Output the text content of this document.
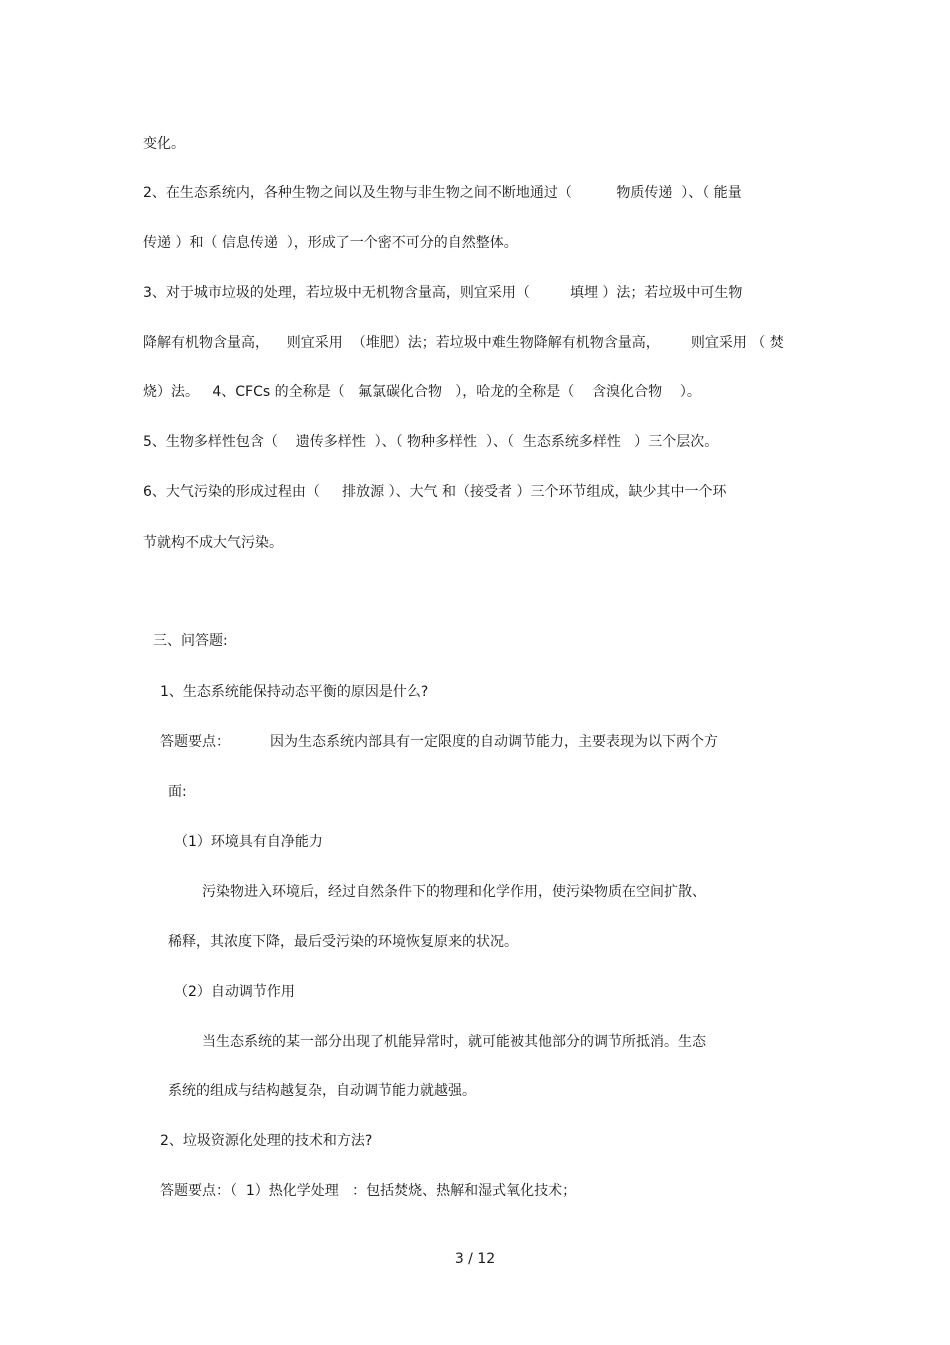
变化。
2、在生态系统内，各种生物之间以及生物与非生物之间不断地通过（          物质传递  ）、（ 能量
传递 ）和（ 信息传递  ），形成了一个密不可分的自然整体。
3、对于城市垃圾的处理，若垃圾中无机物含量高，则宜采用（         填埋 ）法；若垃圾中可生物
降解有机物含量高，    则宜采用  （堆肥）法；若垃圾中难生物降解有机物含量高，       则宜采用 （ 焚
烧）法。   4、CFCs 的全称是（   氟氯碳化合物   ），哈龙的全称是（    含溴化合物    ）。
5、生物多样性包含（    遗传多样性  ）、（ 物种多样性  ）、（  生态系统多样性   ）三个层次。
6、大气污染的形成过程由（     排放源 ）、大气 和（接受者 ）三个环节组成，缺少其中一个环
节就构不成大气污染。
三、问答题:
1、生态系统能保持动态平衡的原因是什么?
答题要点：         因为生态系统内部具有一定限度的自动调节能力，主要表现为以下两个方
面:
（1）环境具有自净能力
污染物进入环境后，经过自然条件下的物理和化学作用，使污染物质在空间扩散、
稀释，其浓度下降，最后受污染的环境恢复原来的状况。
（2）自动调节作用
当生态系统的某一部分出现了机能异常时，就可能被其他部分的调节所抵消。生态
系统的组成与结构越复杂，自动调节能力就越强。
2、垃圾资源化处理的技术和方法?
答题要点：（  1）热化学处理   ：包括焚烧、热解和湿式氧化技术；
3 / 12
